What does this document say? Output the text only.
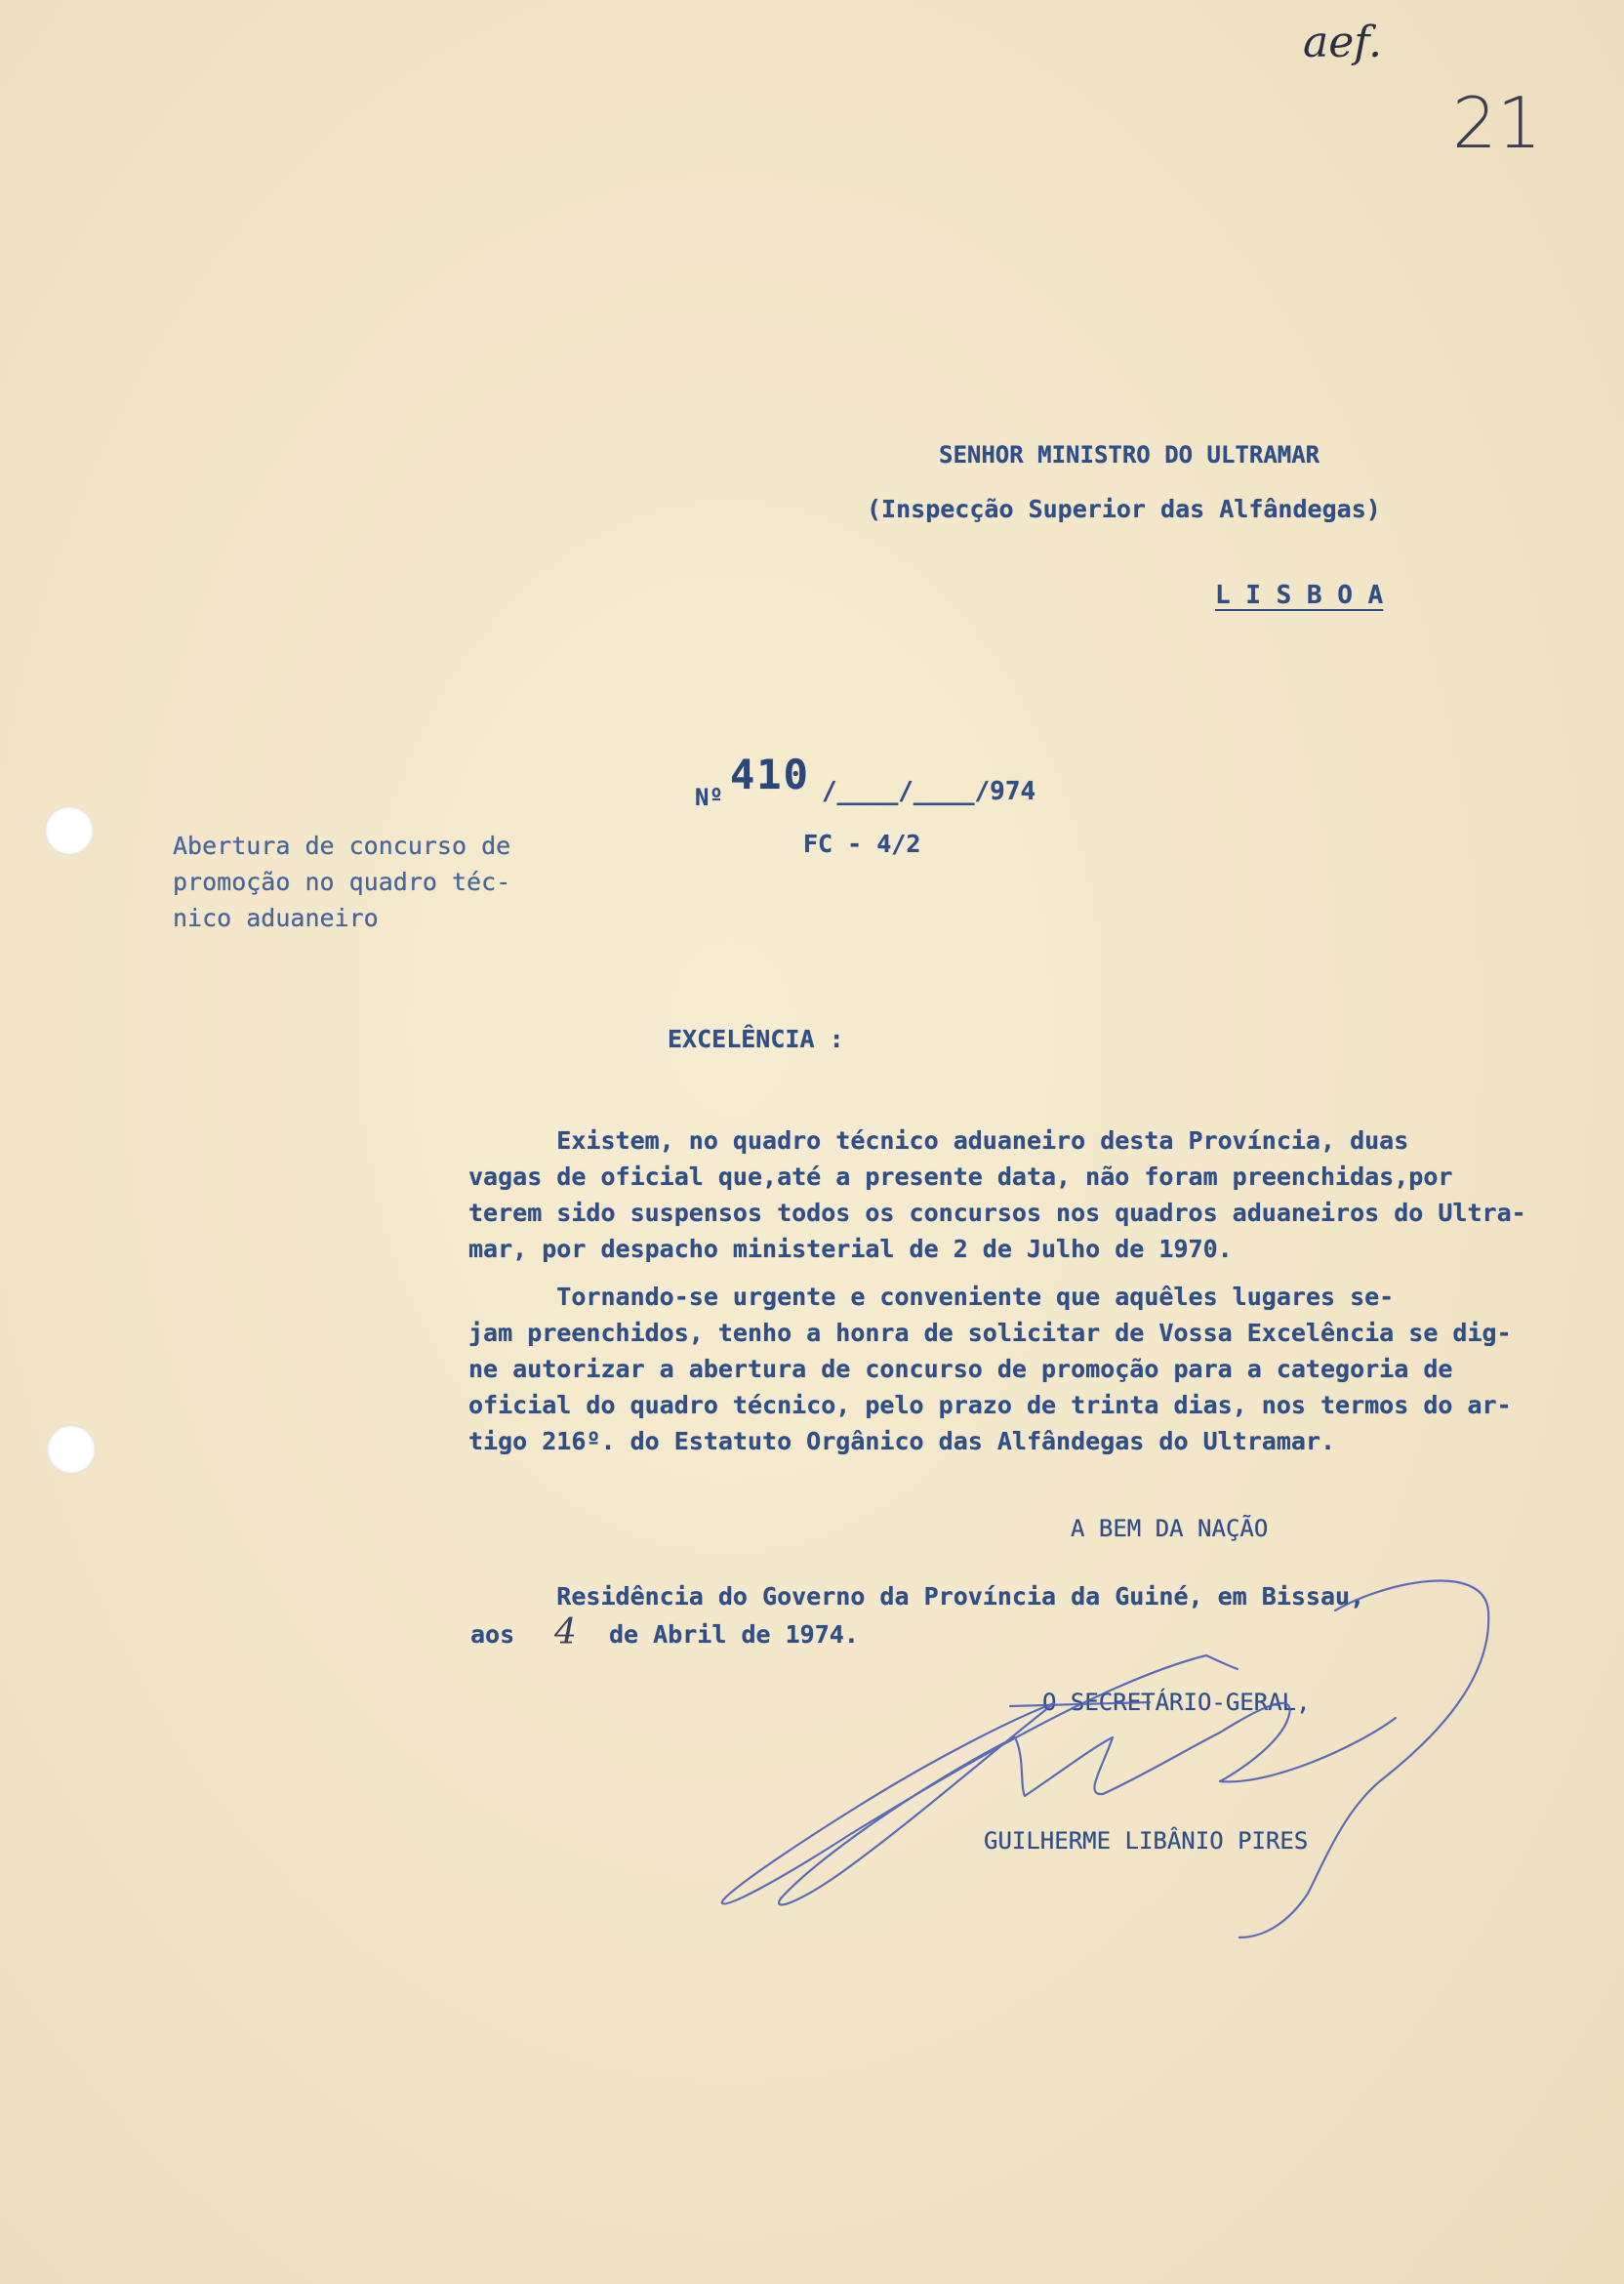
aef.
21
SENHOR MINISTRO DO ULTRAMAR
(Inspecção Superior das Alfândegas)
L I S B O A
Nº 410 /____/____/974
FC - 4/2
Abertura de concurso de
promoção no quadro téc-
nico aduaneiro
EXCELÊNCIA :
Existem, no quadro técnico aduaneiro desta Província, duas
vagas de oficial que,até a presente data, não foram preenchidas,por
terem sido suspensos todos os concursos nos quadros aduaneiros do Ultra-
mar, por despacho ministerial de 2 de Julho de 1970.
Tornando-se urgente e conveniente que aquêles lugares se-
jam preenchidos, tenho a honra de solicitar de Vossa Excelência se dig-
ne autorizar a abertura de concurso de promoção para a categoria de
oficial do quadro técnico, pelo prazo de trinta dias, nos termos do ar-
tigo 216º. do Estatuto Orgânico das Alfândegas do Ultramar.
A BEM DA NAÇÃO
Residência do Governo da Província da Guiné, em Bissau,
aos 4 de Abril de 1974.
O SECRETÁRIO-GERAL,
GUILHERME LIBÂNIO PIRES
